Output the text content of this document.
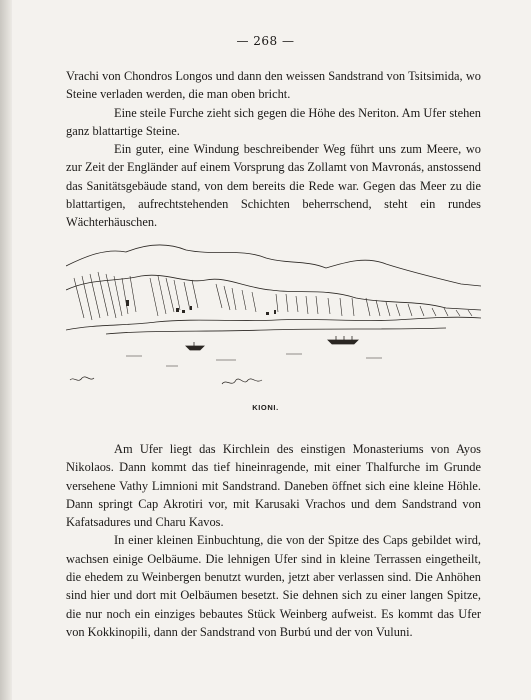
— 268 —

Vrachi von Chondros Longos und dann den weissen Sandstrand von Tsitsimida, wo Steine verladen werden, die man oben bricht.

Eine steile Furche zieht sich gegen die Höhe des Neriton. Am Ufer stehen ganz blattartige Steine.

Ein guter, eine Windung beschreibender Weg führt uns zum Meere, wo zur Zeit der Engländer auf einem Vorsprung das Zollamt von Mavronás, anstossend das Sanitätsgebäude stand, von dem bereits die Rede war. Gegen das Meer zu die blattartigen, aufrechtstehenden Schichten beherrschend, steht ein rundes Wächterhäuschen.

KIONI.

Am Ufer liegt das Kirchlein des einstigen Monasteriums von Ayos Nikolaos. Dann kommt das tief hineinragende, mit einer Thalfurche im Grunde versehene Vathy Limnioni mit Sandstrand. Daneben öffnet sich eine kleine Höhle. Dann springt Cap Akrotiri vor, mit Karusaki Vrachos und dem Sandstrand von Kafatsadures und Charu Kavos.

In einer kleinen Einbuchtung, die von der Spitze des Caps gebildet wird, wachsen einige Oelbäume. Die lehnigen Ufer sind in kleine Terrassen eingetheilt, die ehedem zu Weinbergen benutzt wurden, jetzt aber verlassen sind. Die Anhöhen sind hier und dort mit Oelbäumen besetzt. Sie dehnen sich zu einer langen Spitze, die nur noch ein einziges bebautes Stück Weinberg aufweist. Es kommt das Ufer von Kokkinopili, dann der Sandstrand von Burbú und der von Vuluni.
